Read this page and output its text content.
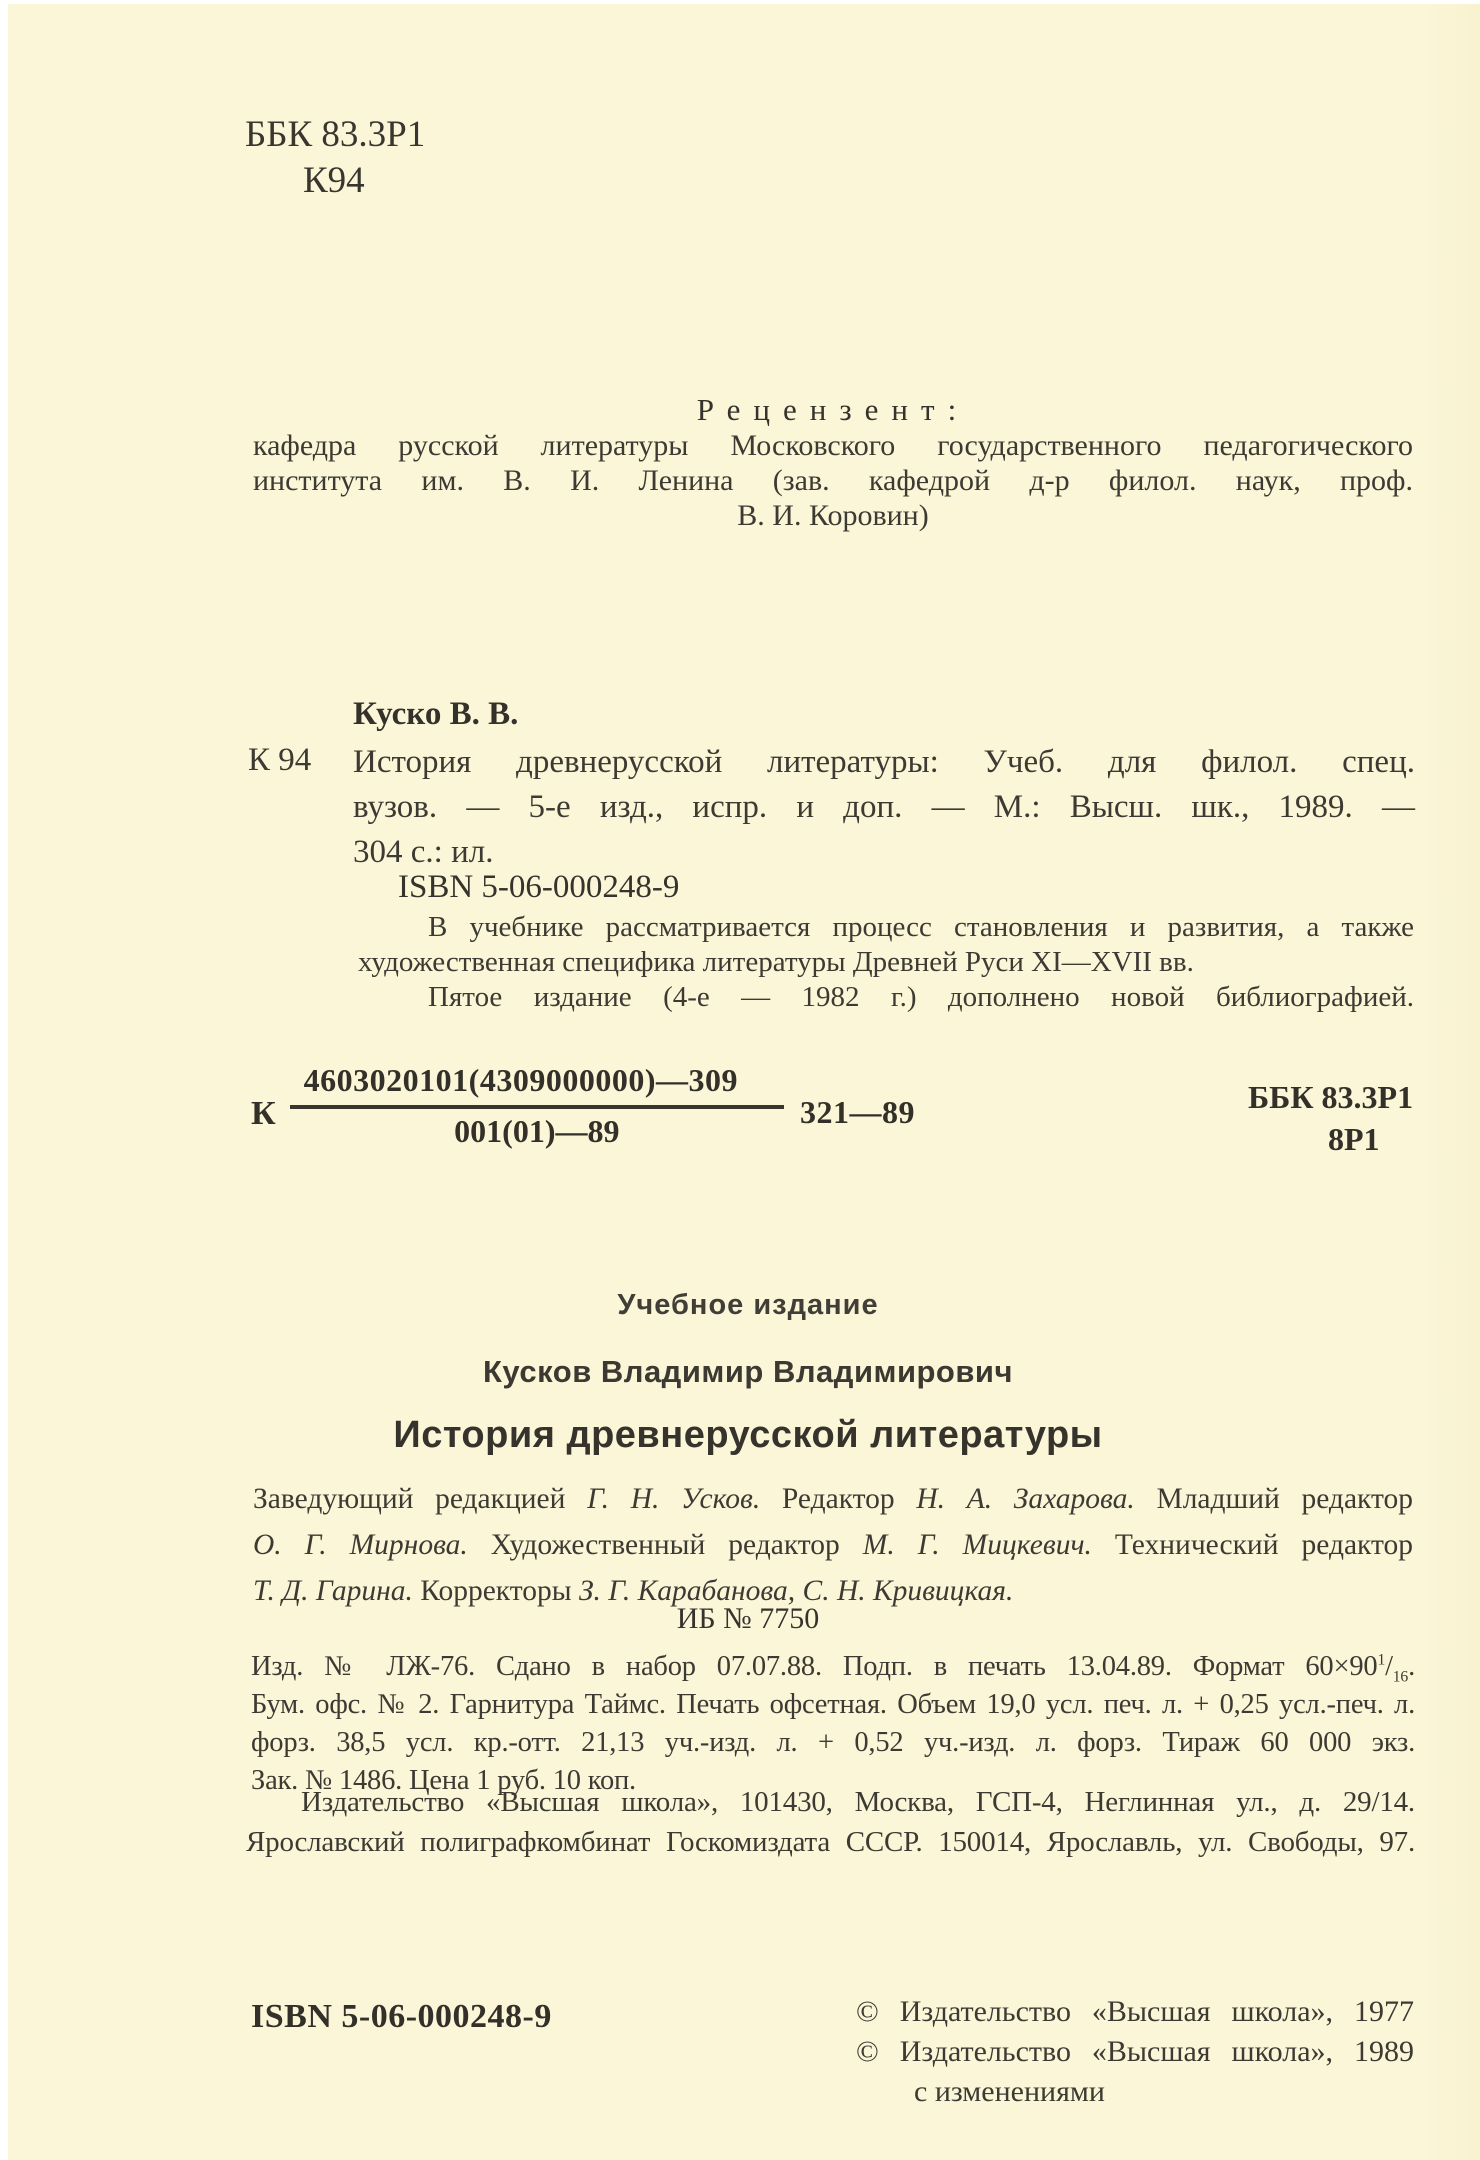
ББК 83.3Р1
К94
Рецензент:
кафедра русской литературы Московского государственного педагогического
института им. В. И. Ленина (зав. кафедрой д-р филол. наук, проф.
В. И. Коровин)
Куско В. В.
К 94 История древнерусской литературы: Учеб. для филол. спец.
вузов. — 5-е изд., испр. и доп. — М.: Высш. шк., 1989. —
304 с.: ил.
ISBN 5-06-000248-9
В учебнике рассматривается процесс становления и развития, а также
художественная специфика литературы Древней Руси XI—XVII вв.
Пятое издание (4-е — 1982 г.) дополнено новой библиографией.
К $\frac{4603020101(4309000000)—309}{001(01)—89}$ 321—89	ББК 83.3Р1
8Р1
Учебное издание
Кусков Владимир Владимирович
История древнерусской литературы
Заведующий редакцией Г. Н. Усков. Редактор Н. А. Захарова. Младший редактор
О. Г. Мирнова. Художественный редактор М. Г. Мицкевич. Технический редактор
Т. Д. Гарина. Корректоры З. Г. Карабанова, С. Н. Кривицкая.
ИБ № 7750
Изд. № ЛЖ-76. Сдано в набор 07.07.88. Подп. в печать 13.04.89. Формат $60\times 90^1/_{16}$.
Бум. офс. № 2. Гарнитура Таймс. Печать офсетная. Объем 19,0 усл. печ. л. + 0,25 усл.-печ. л.
форз. 38,5 усл. кр.-отт. 21,13 уч.-изд. л. + 0,52 уч.-изд. л. форз. Тираж 60 000 экз.
Зак. № 1486. Цена 1 руб. 10 коп.
Издательство «Высшая школа», 101430, Москва, ГСП-4, Неглинная ул., д. 29/14.
Ярославский полиграфкомбинат Госкомиздата СССР. 150014, Ярославль, ул. Свободы, 97.
ISBN 5-06-000248-9	© Издательство «Высшая школа», 1977
© Издательство «Высшая школа», 1989
с изменениями
